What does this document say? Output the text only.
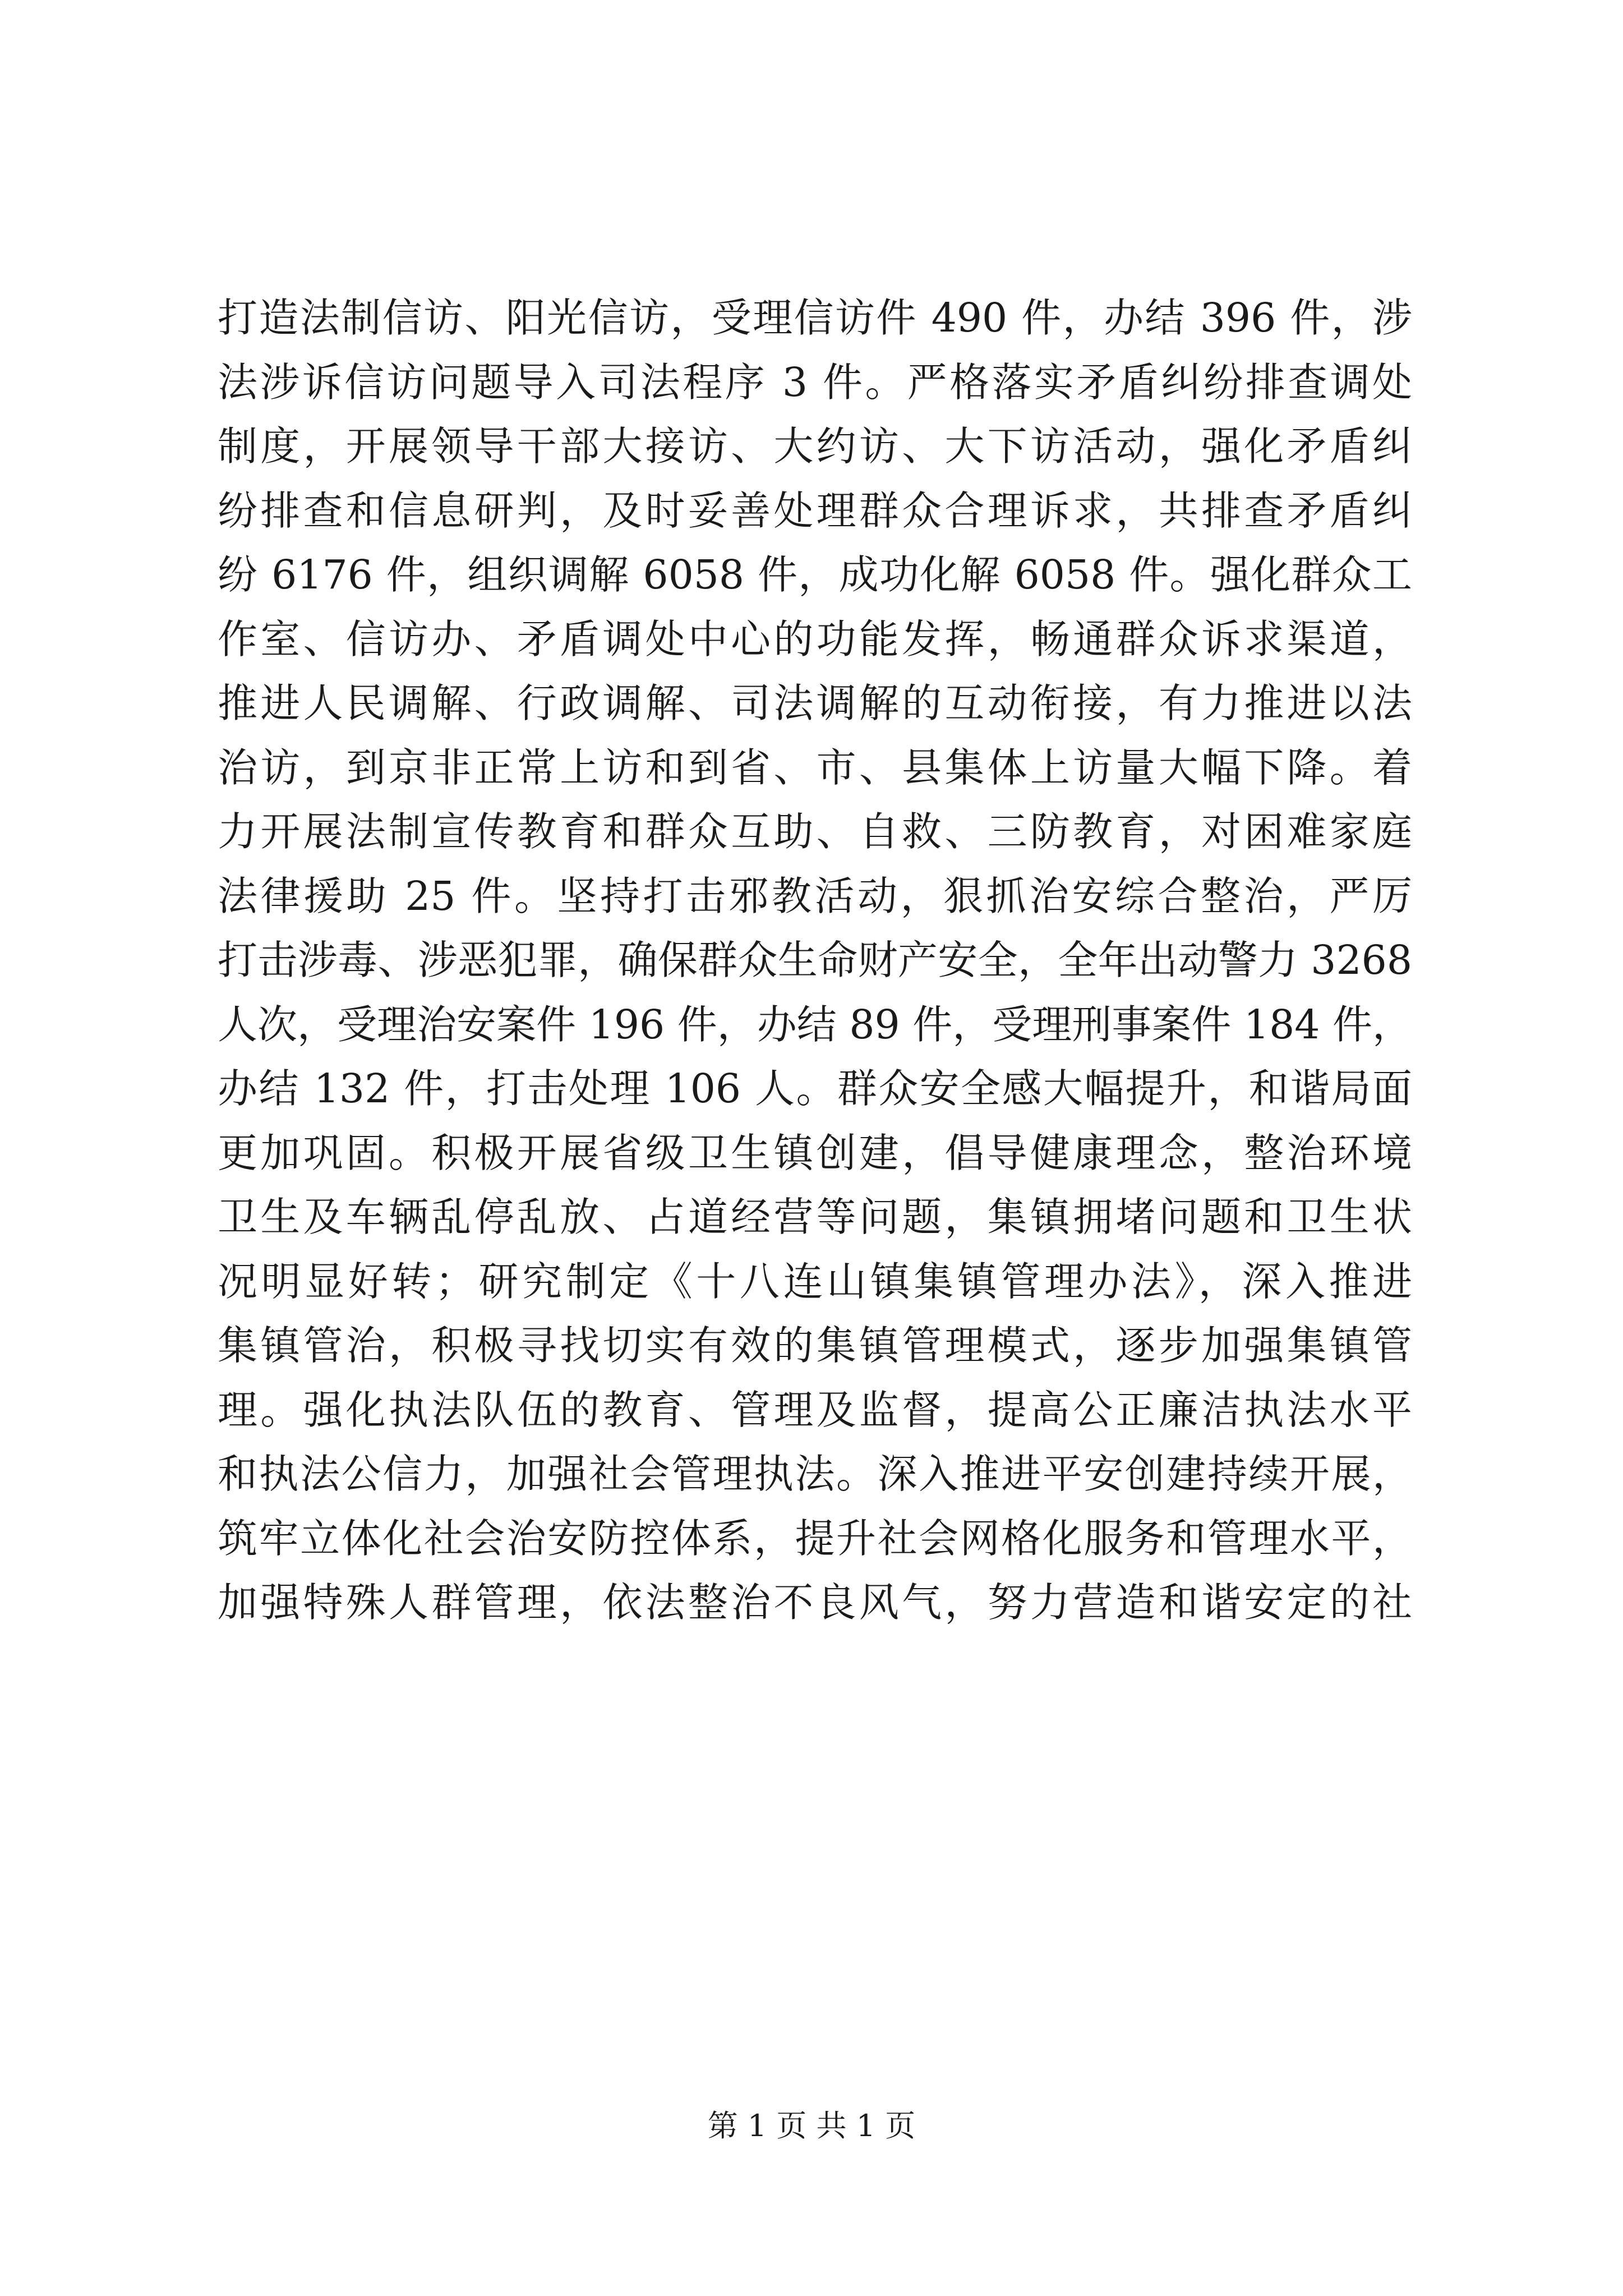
打造法制信访、阳光信访，受理信访件 490 件，办结 396 件，涉
法涉诉信访问题导入司法程序 3 件。严格落实矛盾纠纷排查调处
制度，开展领导干部大接访、大约访、大下访活动，强化矛盾纠
纷排查和信息研判，及时妥善处理群众合理诉求，共排查矛盾纠
纷 6176 件，组织调解 6058 件，成功化解 6058 件。强化群众工
作室、信访办、矛盾调处中心的功能发挥，畅通群众诉求渠道，
推进人民调解、行政调解、司法调解的互动衔接，有力推进以法
治访，到京非正常上访和到省、市、县集体上访量大幅下降。着
力开展法制宣传教育和群众互助、自救、三防教育，对困难家庭
法律援助 25 件。坚持打击邪教活动，狠抓治安综合整治，严厉
打击涉毒、涉恶犯罪，确保群众生命财产安全，全年出动警力 3268
人次，受理治安案件 196 件，办结 89 件，受理刑事案件 184 件，
办结 132 件，打击处理 106 人。群众安全感大幅提升，和谐局面
更加巩固。积极开展省级卫生镇创建，倡导健康理念，整治环境
卫生及车辆乱停乱放、占道经营等问题，集镇拥堵问题和卫生状
况明显好转；研究制定《十八连山镇集镇管理办法》，深入推进
集镇管治，积极寻找切实有效的集镇管理模式，逐步加强集镇管
理。强化执法队伍的教育、管理及监督，提高公正廉洁执法水平
和执法公信力，加强社会管理执法。深入推进平安创建持续开展，
筑牢立体化社会治安防控体系，提升社会网格化服务和管理水平，
加强特殊人群管理，依法整治不良风气，努力营造和谐安定的社
第 1 页 共 1 页
